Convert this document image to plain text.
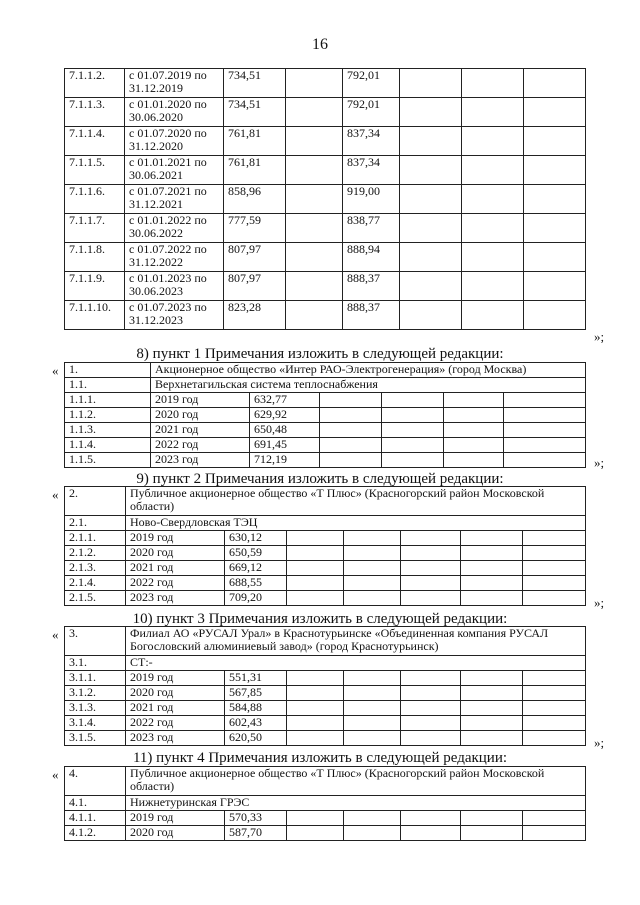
16
7.1.1.2.	с 01.07.2019 по 31.12.2019	734,51		792,01			
7.1.1.3.	с 01.01.2020 по 30.06.2020	734,51		792,01			
7.1.1.4.	с 01.07.2020 по 31.12.2020	761,81		837,34			
7.1.1.5.	с 01.01.2021 по 30.06.2021	761,81		837,34			
7.1.1.6.	с 01.07.2021 по 31.12.2021	858,96		919,00			
7.1.1.7.	с 01.01.2022 по 30.06.2022	777,59		838,77			
7.1.1.8.	с 01.07.2022 по 31.12.2022	807,97		888,94			
7.1.1.9.	с 01.01.2023 по 30.06.2023	807,97		888,37			
7.1.1.10.	с 01.07.2023 по 31.12.2023	823,28		888,37			
»;
8) пункт 1 Примечания изложить в следующей редакции:
« 1.	Акционерное общество «Интер РАО-Электрогенерация» (город Москва)					
1.1.	Верхнетагильская система теплоснабжения					
1.1.1.	2019 год	632,77				
1.1.2.	2020 год	629,92				
1.1.3.	2021 год	650,48				
1.1.4.	2022 год	691,45				
1.1.5.	2023 год	712,19					»;
9) пункт 2 Примечания изложить в следующей редакции:
« 2.	Публичное акционерное общество «Т Плюс» (Красногорский район Московской области)						
2.1.	Ново-Свердловская ТЭЦ						
2.1.1.	2019 год	630,12					
2.1.2.	2020 год	650,59					
2.1.3.	2021 год	669,12					
2.1.4.	2022 год	688,55					
2.1.5.	2023 год	709,20						»;
10) пункт 3 Примечания изложить в следующей редакции:
« 3.	Филиал АО «РУСАЛ Урал» в Краснотурьинске «Объединенная компания РУСАЛ Богословский алюминиевый завод» (город Краснотурьинск)						
3.1.	СТ:-						
3.1.1.	2019 год	551,31					
3.1.2.	2020 год	567,85					
3.1.3.	2021 год	584,88					
3.1.4.	2022 год	602,43					
3.1.5.	2023 год	620,50						»;
11) пункт 4 Примечания изложить в следующей редакции:
« 4.	Публичное акционерное общество «Т Плюс» (Красногорский район Московской области)						
4.1.	Нижнетуринская ГРЭС						
4.1.1.	2019 год	570,33					
4.1.2.	2020 год	587,70					
